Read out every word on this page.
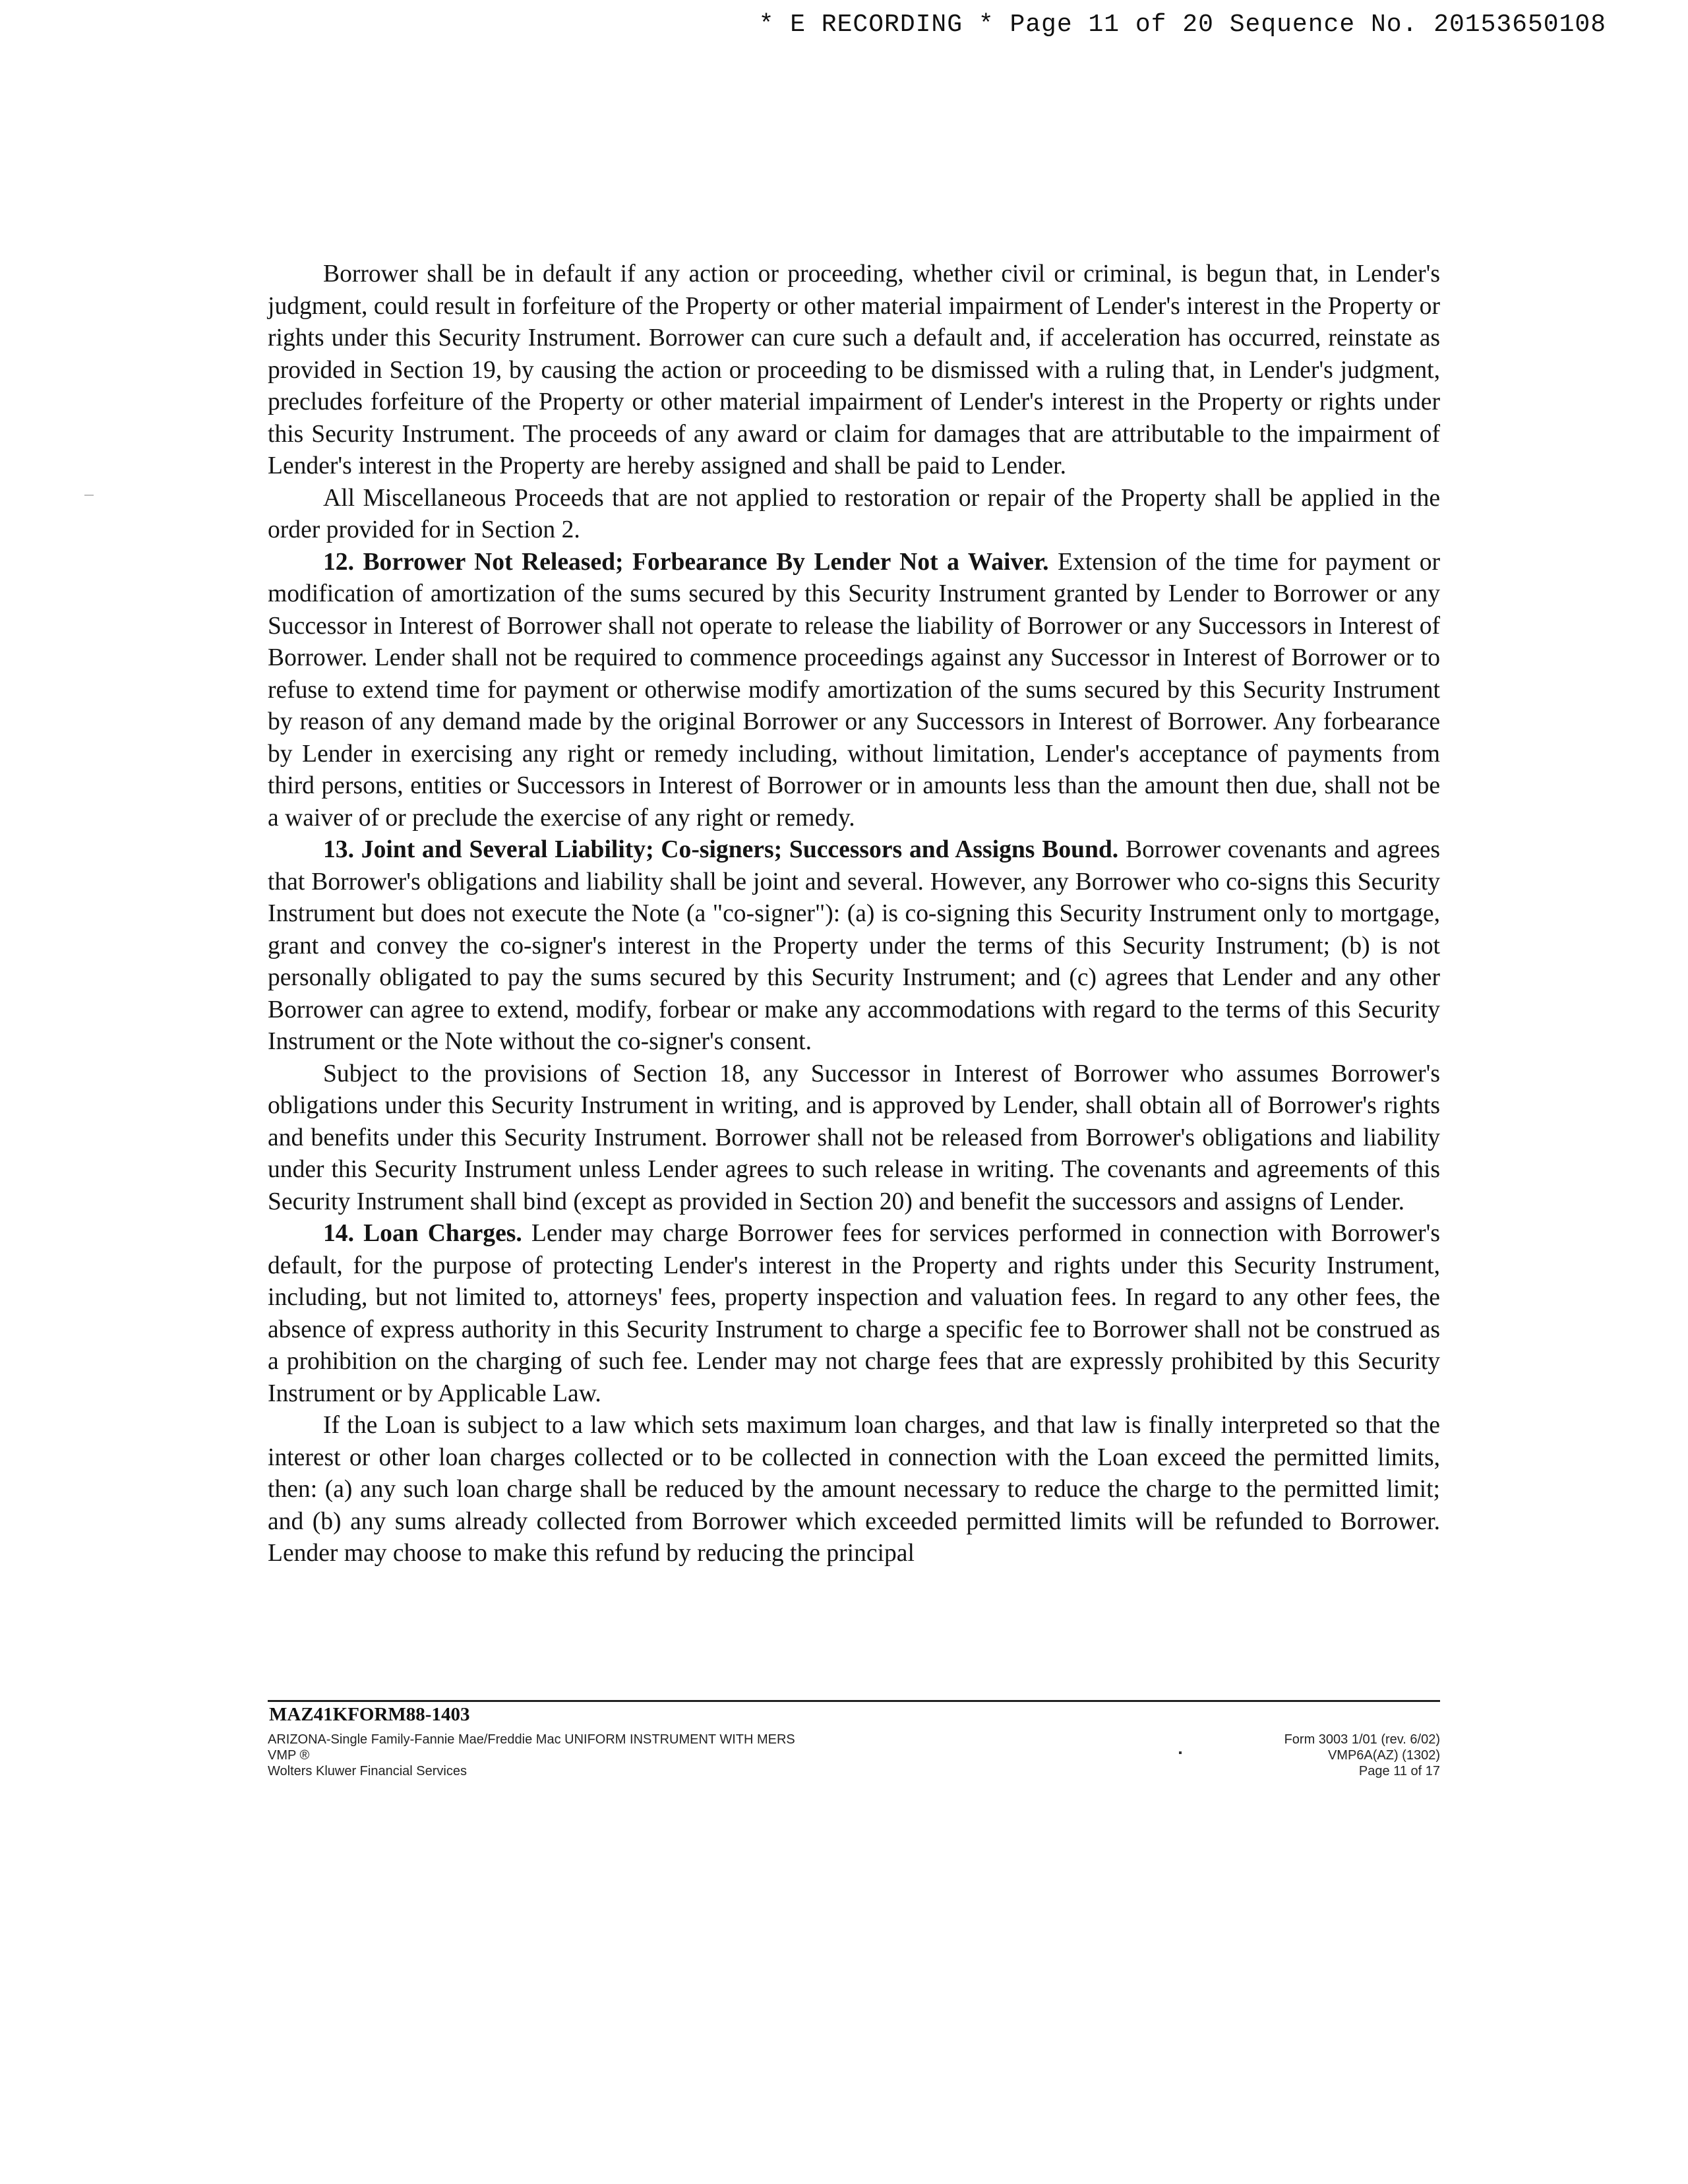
* E RECORDING * Page 11 of 20 Sequence No. 20153650108

Borrower shall be in default if any action or proceeding, whether civil or criminal, is begun that, in Lender's judgment, could result in forfeiture of the Property or other material impairment of Lender's interest in the Property or rights under this Security Instrument. Borrower can cure such a default and, if acceleration has occurred, reinstate as provided in Section 19, by causing the action or proceeding to be dismissed with a ruling that, in Lender's judgment, precludes forfeiture of the Property or other material impairment of Lender's interest in the Property or rights under this Security Instrument. The proceeds of any award or claim for damages that are attributable to the impairment of Lender's interest in the Property are hereby assigned and shall be paid to Lender.

All Miscellaneous Proceeds that are not applied to restoration or repair of the Property shall be applied in the order provided for in Section 2.

12. Borrower Not Released; Forbearance By Lender Not a Waiver. Extension of the time for payment or modification of amortization of the sums secured by this Security Instrument granted by Lender to Borrower or any Successor in Interest of Borrower shall not operate to release the liability of Borrower or any Successors in Interest of Borrower. Lender shall not be required to commence proceedings against any Successor in Interest of Borrower or to refuse to extend time for payment or otherwise modify amortization of the sums secured by this Security Instrument by reason of any demand made by the original Borrower or any Successors in Interest of Borrower. Any forbearance by Lender in exercising any right or remedy including, without limitation, Lender's acceptance of payments from third persons, entities or Successors in Interest of Borrower or in amounts less than the amount then due, shall not be a waiver of or preclude the exercise of any right or remedy.

13. Joint and Several Liability; Co-signers; Successors and Assigns Bound. Borrower covenants and agrees that Borrower's obligations and liability shall be joint and several. However, any Borrower who co-signs this Security Instrument but does not execute the Note (a "co-signer"): (a) is co-signing this Security Instrument only to mortgage, grant and convey the co-signer's interest in the Property under the terms of this Security Instrument; (b) is not personally obligated to pay the sums secured by this Security Instrument; and (c) agrees that Lender and any other Borrower can agree to extend, modify, forbear or make any accommodations with regard to the terms of this Security Instrument or the Note without the co-signer's consent.

Subject to the provisions of Section 18, any Successor in Interest of Borrower who assumes Borrower's obligations under this Security Instrument in writing, and is approved by Lender, shall obtain all of Borrower's rights and benefits under this Security Instrument. Borrower shall not be released from Borrower's obligations and liability under this Security Instrument unless Lender agrees to such release in writing. The covenants and agreements of this Security Instrument shall bind (except as provided in Section 20) and benefit the successors and assigns of Lender.

14. Loan Charges. Lender may charge Borrower fees for services performed in connection with Borrower's default, for the purpose of protecting Lender's interest in the Property and rights under this Security Instrument, including, but not limited to, attorneys' fees, property inspection and valuation fees. In regard to any other fees, the absence of express authority in this Security Instrument to charge a specific fee to Borrower shall not be construed as a prohibition on the charging of such fee. Lender may not charge fees that are expressly prohibited by this Security Instrument or by Applicable Law.

If the Loan is subject to a law which sets maximum loan charges, and that law is finally interpreted so that the interest or other loan charges collected or to be collected in connection with the Loan exceed the permitted limits, then: (a) any such loan charge shall be reduced by the amount necessary to reduce the charge to the permitted limit; and (b) any sums already collected from Borrower which exceeded permitted limits will be refunded to Borrower. Lender may choose to make this refund by reducing the principal

MAZ41KFORM88-1403
ARIZONA-Single Family-Fannie Mae/Freddie Mac UNIFORM INSTRUMENT WITH MERS
VMP ®
Wolters Kluwer Financial Services
Form 3003 1/01 (rev. 6/02)
VMP6A(AZ) (1302)
Page 11 of 17
